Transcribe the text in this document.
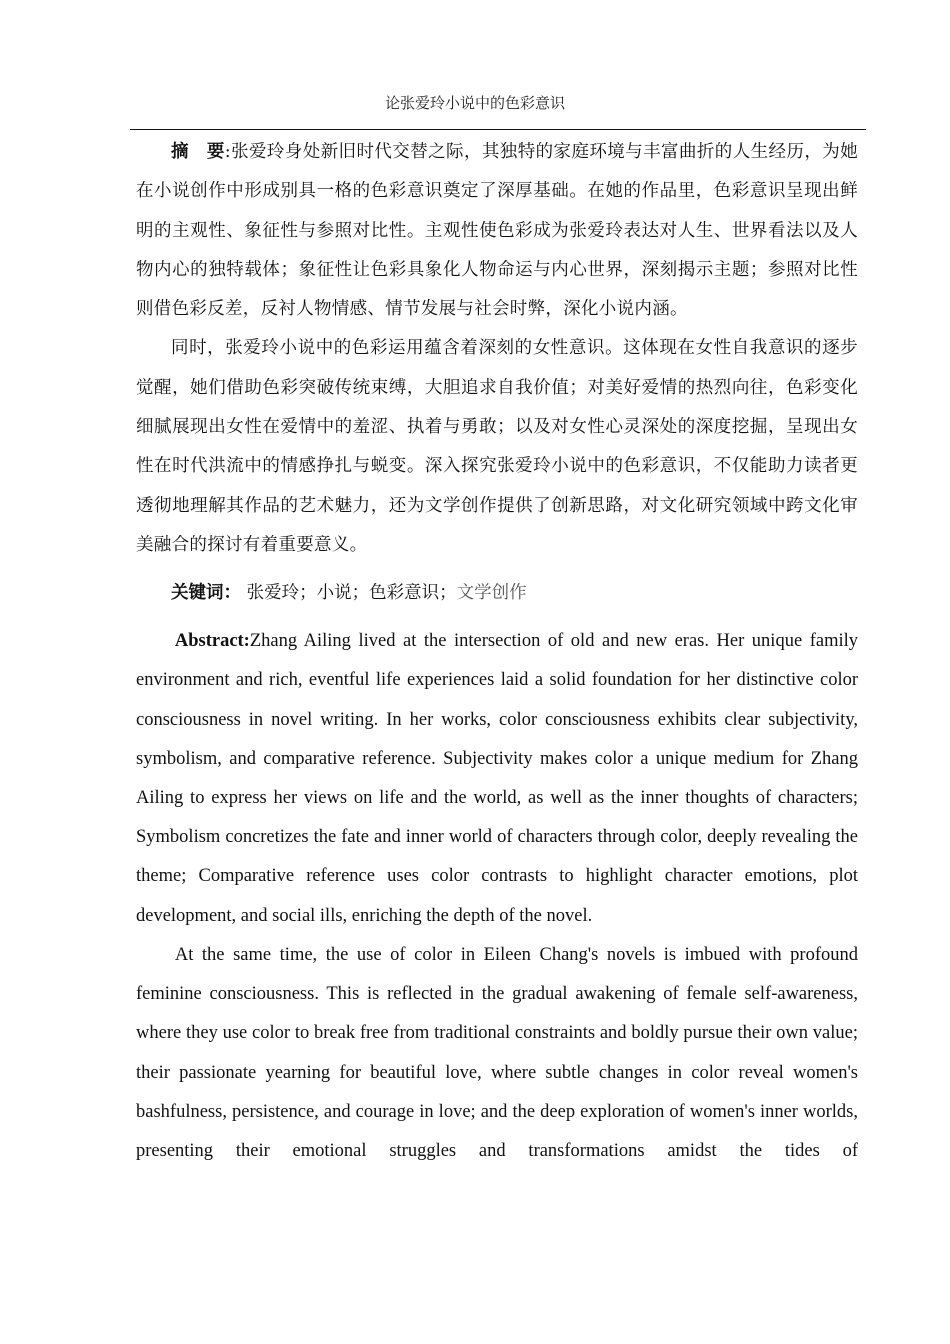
论张爱玲小说中的色彩意识

摘　要:张爱玲身处新旧时代交替之际，其独特的家庭环境与丰富曲折的人生经历，为她在小说创作中形成别具一格的色彩意识奠定了深厚基础。在她的作品里，色彩意识呈现出鲜明的主观性、象征性与参照对比性。主观性使色彩成为张爱玲表达对人生、世界看法以及人物内心的独特载体；象征性让色彩具象化人物命运与内心世界，深刻揭示主题；参照对比性则借色彩反差，反衬人物情感、情节发展与社会时弊，深化小说内涵。

同时，张爱玲小说中的色彩运用蕴含着深刻的女性意识。这体现在女性自我意识的逐步觉醒，她们借助色彩突破传统束缚，大胆追求自我价值；对美好爱情的热烈向往，色彩变化细腻展现出女性在爱情中的羞涩、执着与勇敢；以及对女性心灵深处的深度挖掘，呈现出女性在时代洪流中的情感挣扎与蜕变。深入探究张爱玲小说中的色彩意识，不仅能助力读者更透彻地理解其作品的艺术魅力，还为文学创作提供了创新思路，对文化研究领域中跨文化审美融合的探讨有着重要意义。

关键词： 张爱玲；小说；色彩意识；文学创作

Abstract:Zhang Ailing lived at the intersection of old and new eras. Her unique family environment and rich, eventful life experiences laid a solid foundation for her distinctive color consciousness in novel writing. In her works, color consciousness exhibits clear subjectivity, symbolism, and comparative reference. Subjectivity makes color a unique medium for Zhang Ailing to express her views on life and the world, as well as the inner thoughts of characters; Symbolism concretizes the fate and inner world of characters through color, deeply revealing the theme; Comparative reference uses color contrasts to highlight character emotions, plot development, and social ills, enriching the depth of the novel.

At the same time, the use of color in Eileen Chang's novels is imbued with profound feminine consciousness. This is reflected in the gradual awakening of female self-awareness, where they use color to break free from traditional constraints and boldly pursue their own value; their passionate yearning for beautiful love, where subtle changes in color reveal women's bashfulness, persistence, and courage in love; and the deep exploration of women's inner worlds, presenting their emotional struggles and transformations amidst the tides of
